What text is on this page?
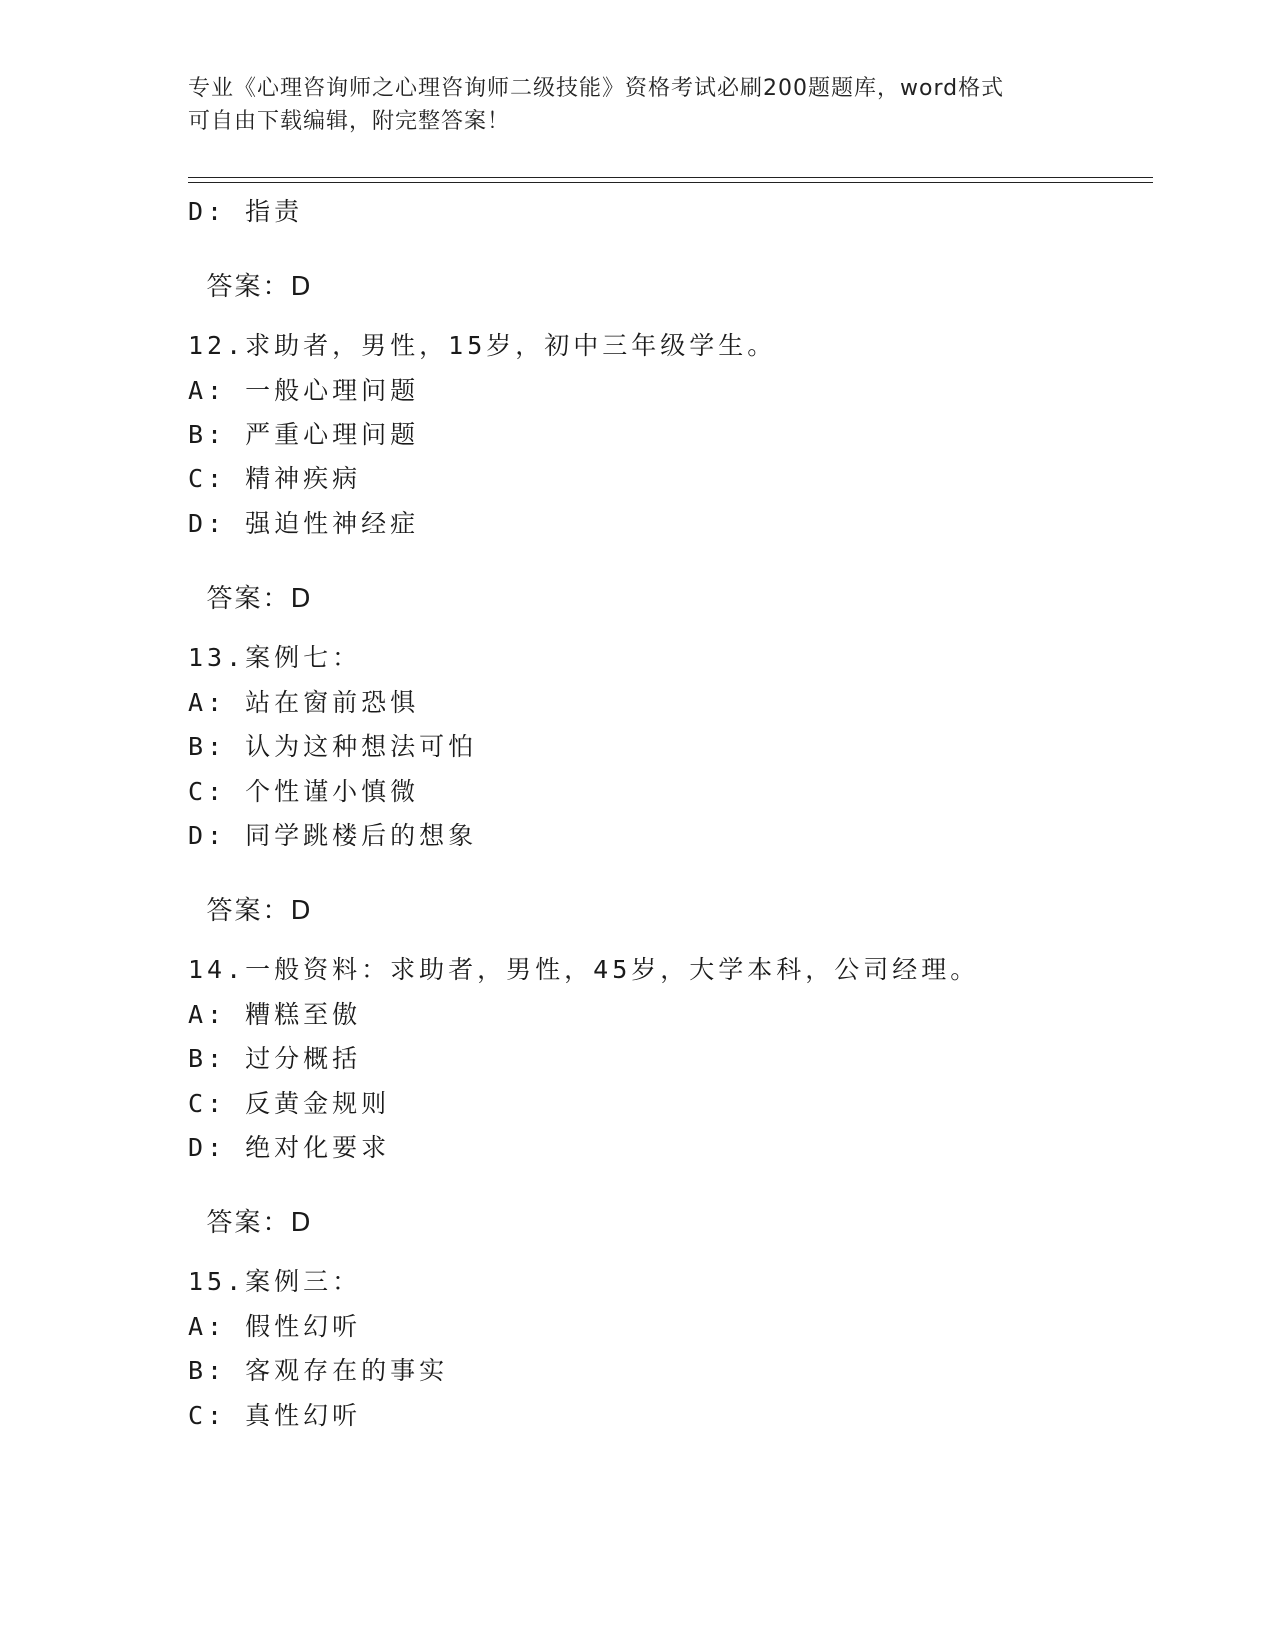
专业《心理咨询师之心理咨询师二级技能》资格考试必刷200题题库，word格式
可自由下载编辑，附完整答案！
D: 指责

答案：D

12.求助者，男性，15岁，初中三年级学生。
A: 一般心理问题
B: 严重心理问题
C: 精神疾病
D: 强迫性神经症

答案：D

13.案例七：
A: 站在窗前恐惧
B: 认为这种想法可怕
C: 个性谨小慎微
D: 同学跳楼后的想象

答案：D

14.一般资料：求助者，男性，45岁，大学本科，公司经理。
A: 糟糕至傲
B: 过分概括
C: 反黄金规则
D: 绝对化要求

答案：D

15.案例三：
A: 假性幻听
B: 客观存在的事实
C: 真性幻听
